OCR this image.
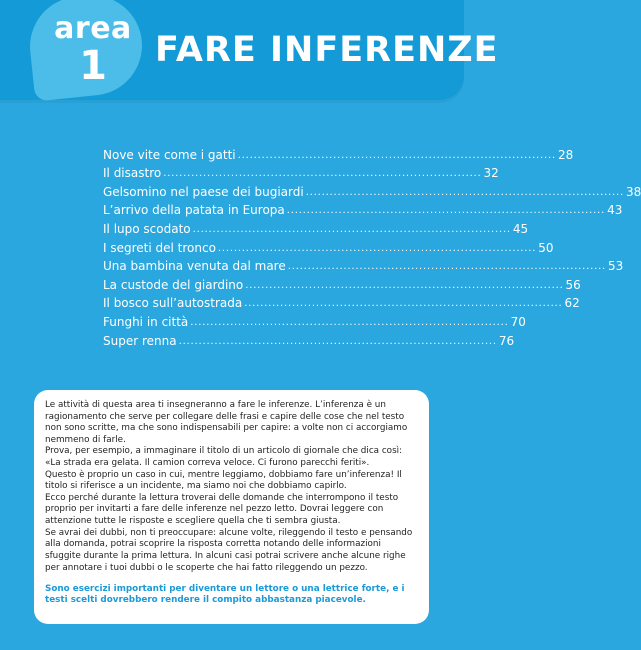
area
1	FARE INFERENZE
Nove vite come i gatti ................................................................................ 28
Il disastro ................................................................................ 32
Gelsomino nel paese dei bugiardi ................................................................................ 38
L’arrivo della patata in Europa ................................................................................ 43
Il lupo scodato ................................................................................ 45
I segreti del tronco ................................................................................ 50
Una bambina venuta dal mare ................................................................................ 53
La custode del giardino ................................................................................ 56
Il bosco sull’autostrada ................................................................................ 62
Funghi in città ................................................................................ 70
Super renna ................................................................................ 76

Le attività di questa area ti insegneranno a fare le inferenze. L’inferenza è un ragionamento che serve per collegare delle frasi e capire delle cose che nel testo non sono scritte, ma che sono indispensabili per capire: a volte non ci accorgiamo nemmeno di farle.

Prova, per esempio, a immaginare il titolo di un articolo di giornale che dica così:

«La strada era gelata. Il camion correva veloce. Ci furono parecchi feriti».

Questo è proprio un caso in cui, mentre leggiamo, dobbiamo fare un’inferenza! Il titolo si riferisce a un incidente, ma siamo noi che dobbiamo capirlo.

Ecco perché durante la lettura troverai delle domande che interrompono il testo proprio per invitarti a fare delle inferenze nel pezzo letto. Dovrai leggere con attenzione tutte le risposte e scegliere quella che ti sembra giusta.

Se avrai dei dubbi, non ti preoccupare: alcune volte, rileggendo il testo e pensando alla domanda, potrai scoprire la risposta corretta notando delle informazioni sfuggite durante la prima lettura. In alcuni casi potrai scrivere anche alcune righe per annotare i tuoi dubbi o le scoperte che hai fatto rileggendo un pezzo.

Sono esercizi importanti per diventare un lettore o una lettrice forte, e i testi scelti dovrebbero rendere il compito abbastanza piacevole.
